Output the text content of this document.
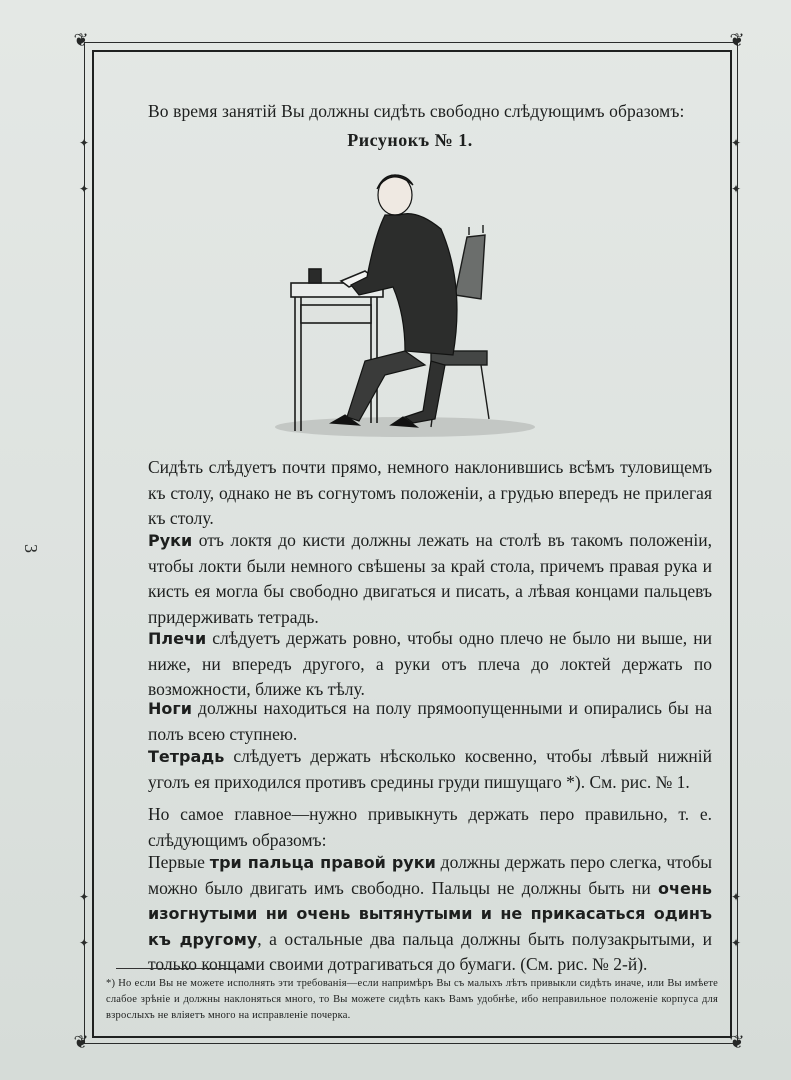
❦	❦
❦	❦
✦
✦
✦
✦
✦
✦
✦
✦
3
Во время занятій Вы должны сидѣть свободно слѣдующимъ образомъ:
Рисунокъ № 1.
Сидѣть слѣдуетъ почти прямо, немного наклонившись всѣмъ туловищемъ къ столу, однако не въ согнутомъ положеніи, а грудью впередъ не прилегая къ столу.
Руки отъ локтя до кисти должны лежать на столѣ въ такомъ положеніи, чтобы локти были немного свѣшены за край стола, причемъ правая рука и кисть ея могла бы свободно двигаться и писать, а лѣвая концами пальцевъ придерживать тетрадь.
Плечи слѣдуетъ держать ровно, чтобы одно плечо не было ни выше, ни ниже, ни впередъ другого, а руки отъ плеча до локтей держать по возможности, ближе къ тѣлу.
Ноги должны находиться на полу прямоопущенными и опирались бы на полъ всею ступнею.
Тетрадь слѣдуетъ держать нѣсколько косвенно, чтобы лѣвый нижній уголъ ея приходился противъ средины груди пишущаго *). См. рис. № 1.
Но самое главное—нужно привыкнуть держать перо правильно, т. е. слѣдующимъ образомъ:
Первые три пальца правой руки должны держать перо слегка, чтобы можно было двигать имъ свободно. Пальцы не должны быть ни очень изогнутыми ни очень вытянутыми и не прикасаться одинъ къ другому, а остальные два пальца должны быть полузакрытыми, и только концами своими дотрагиваться до бумаги. (См. рис. № 2-й).
*) Но если Вы не можете исполнять эти требованія—если напримѣръ Вы съ малыхъ лѣтъ привыкли сидѣть иначе, или Вы имѣете слабое зрѣніе и должны наклоняться много, то Вы можете сидѣть какъ Вамъ удобнѣе, ибо неправильное положеніе корпуса для взрослыхъ не вліяетъ много на исправленіе почерка.
